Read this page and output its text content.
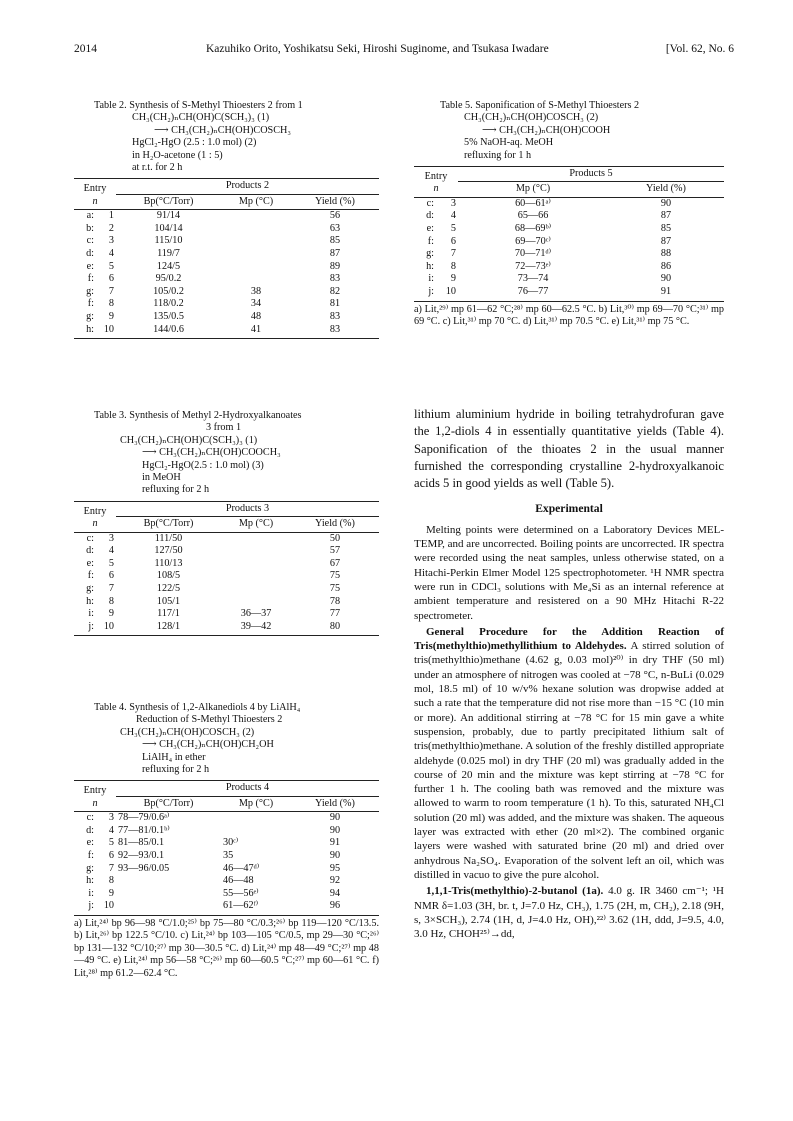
2014	Kazuhiko Orito, Yoshikatsu Seki, Hiroshi Suginome, and Tsukasa Iwadare	[Vol. 62, No. 6

Table 2. Synthesis of S-Methyl Thioesters 2 from 1

CH₃(CH₂)ₙCH(OH)C(SCH₃)₃ (1)

⟶ CH₃(CH₂)ₙCH(OH)COSCH₃

HgCl₂-HgO (2.5 : 1.0 mol) (2)

in H₂O-acetone (1 : 5)

at r.t. for 2 h

Entry
n		Products 2		
		Bp(°C/Torr)	Mp (°C)	Yield (%)
a:	1	91/14		56
b:	2	104/14		63
c:	3	115/10		85
d:	4	119/7		87
e:	5	124/5		89
f:	6	95/0.2		83
g:	7	105/0.2	38	82
f:	8	118/0.2	34	81
g:	9	135/0.5	48	83
h:	10	144/0.6	41	83

Table 5. Saponification of S-Methyl Thioesters 2

CH₃(CH₂)ₙCH(OH)COSCH₃ (2)

⟶ CH₃(CH₂)ₙCH(OH)COOH

5% NaOH-aq. MeOH

refluxing for 1 h

Entry
n		Products 5	
		Mp (°C)	Yield (%)
c:	3	60—61ᵃ⁾	90
d:	4	65—66	87
e:	5	68—69ᵇ⁾	85
f:	6	69—70ᶜ⁾	87
g:	7	70—71ᵈ⁾	88
h:	8	72—73ᵉ⁾	86
i:	9	73—74	90
j:	10	76—77	91
a) Lit,²⁹⁾ mp 61—62 °C;²⁸⁾ mp 60—62.5 °C. b) Lit,³⁰⁾ mp 69—70 °C;³¹⁾ mp 69 °C. c) Lit,³¹⁾ mp 70 °C. d) Lit,³¹⁾ mp 70.5 °C. e) Lit,³¹⁾ mp 75 °C.

Table 3. Synthesis of Methyl 2-Hydroxyalkanoates

3 from 1

CH₃(CH₂)ₙCH(OH)C(SCH₃)₃ (1)

⟶ CH₃(CH₂)ₙCH(OH)COOCH₃

HgCl₂-HgO(2.5 : 1.0 mol) (3)

in MeOH

refluxing for 2 h

Entry
n		Products 3		
		Bp(°C/Torr)	Mp (°C)	Yield (%)
c:	3	111/50		50
d:	4	127/50		57
e:	5	110/13		67
f:	6	108/5		75
g:	7	122/5		75
h:	8	105/1		78
i:	9	117/1	36—37	77
j:	10	128/1	39—42	80

Table 4. Synthesis of 1,2-Alkanediols 4 by LiAlH₄

Reduction of S-Methyl Thioesters 2

CH₃(CH₂)ₙCH(OH)COSCH₃ (2)

⟶ CH₃(CH₂)ₙCH(OH)CH₂OH

LiAlH₄ in ether

refluxing for 2 h

Entry
n		Products 4		
		Bp(°C/Torr)	Mp (°C)	Yield (%)
c:	3	78—79/0.6ᵃ⁾		90
d:	4	77—81/0.1ᵇ⁾		90
e:	5	81—85/0.1	30ᶜ⁾	91
f:	6	92—93/0.1	35	90
g:	7	93—96/0.05	46—47ᵈ⁾	95
h:	8		46—48	92
i:	9		55—56ᵉ⁾	94
j:	10		61—62ᶠ⁾	96
a) Lit,²⁴⁾ bp 96—98 °C/1.0;²⁵⁾ bp 75—80 °C/0.3;²⁶⁾ bp 119—120 °C/13.5. b) Lit,²⁶⁾ bp 122.5 °C/10. c) Lit,²⁴⁾ bp 103—105 °C/0.5, mp 29—30 °C;²⁶⁾ bp 131—132 °C/10;²⁷⁾ mp 30—30.5 °C. d) Lit,²⁴⁾ mp 48—49 °C;²⁷⁾ mp 48—49 °C. e) Lit,²⁴⁾ mp 56—58 °C;²⁶⁾ mp 60—60.5 °C;²⁷⁾ mp 60—61 °C. f) Lit,²⁸⁾ mp 61.2—62.4 °C.

lithium aluminium hydride in boiling tetrahydrofuran gave the 1,2-diols 4 in essentially quantitative yields (Table 4). Saponification of the thioates 2 in the usual manner furnished the corresponding crystalline 2-hydroxyalkanoic acids 5 in good yields as well (Table 5).

Experimental

Melting points were determined on a Laboratory Devices MEL-TEMP, and are uncorrected. Boiling points are uncorrected. IR spectra were recorded using the neat samples, unless otherwise stated, on a Hitachi-Perkin Elmer Model 125 spectrophotometer. ¹H NMR spectra were run in CDCl₃ solutions with Me₄Si as an internal reference at ambient temperature and resistered on a 90 MHz Hitachi R-22 spectrometer.

General Procedure for the Addition Reaction of Tris(methylthio)methyllithium to Aldehydes. A stirred solution of tris(methylthio)methane (4.62 g, 0.03 mol)²⁰⁾ in dry THF (50 ml) under an atmosphere of nitrogen was cooled at −78 °C, n-BuLi (0.029 mol, 18.5 ml) of 10 w/v% hexane solution was dropwise added at such a rate that the temperature did not rise more than −15 °C (10 min or more). An additional stirring at −78 °C for 15 min gave a white suspension, probably, due to partly precipitated lithium salt of tris(methylthio)methane. A solution of the freshly distilled appropriate aldehyde (0.025 mol) in dry THF (20 ml) was gradually added in the course of 20 min and the mixture was kept stirring at −78 °C for further 1 h. The cooling bath was removed and the mixture was allowed to warm to room temperature (1 h). To this, saturated NH₄Cl solution (20 ml) was added, and the mixture was shaken. The aqueous layer was extracted with ether (20 ml×2). The combined organic layers were washed with saturated brine (20 ml) and dried over anhydrous Na₂SO₄. Evaporation of the solvent left an oil, which was distilled in vacuo to give the pure alcohol.

1,1,1-Tris(methylthio)-2-butanol (1a). 4.0 g. IR 3460 cm⁻¹; ¹H NMR δ=1.03 (3H, br. t, J=7.0 Hz, CH₃), 1.75 (2H, m, CH₂), 2.18 (9H, s, 3×SCH₃), 2.74 (1H, d, J=4.0 Hz, OH),²²⁾ 3.62 (1H, ddd, J=9.5, 4.0, 3.0 Hz, CHOH²⁵⁾→dd,
